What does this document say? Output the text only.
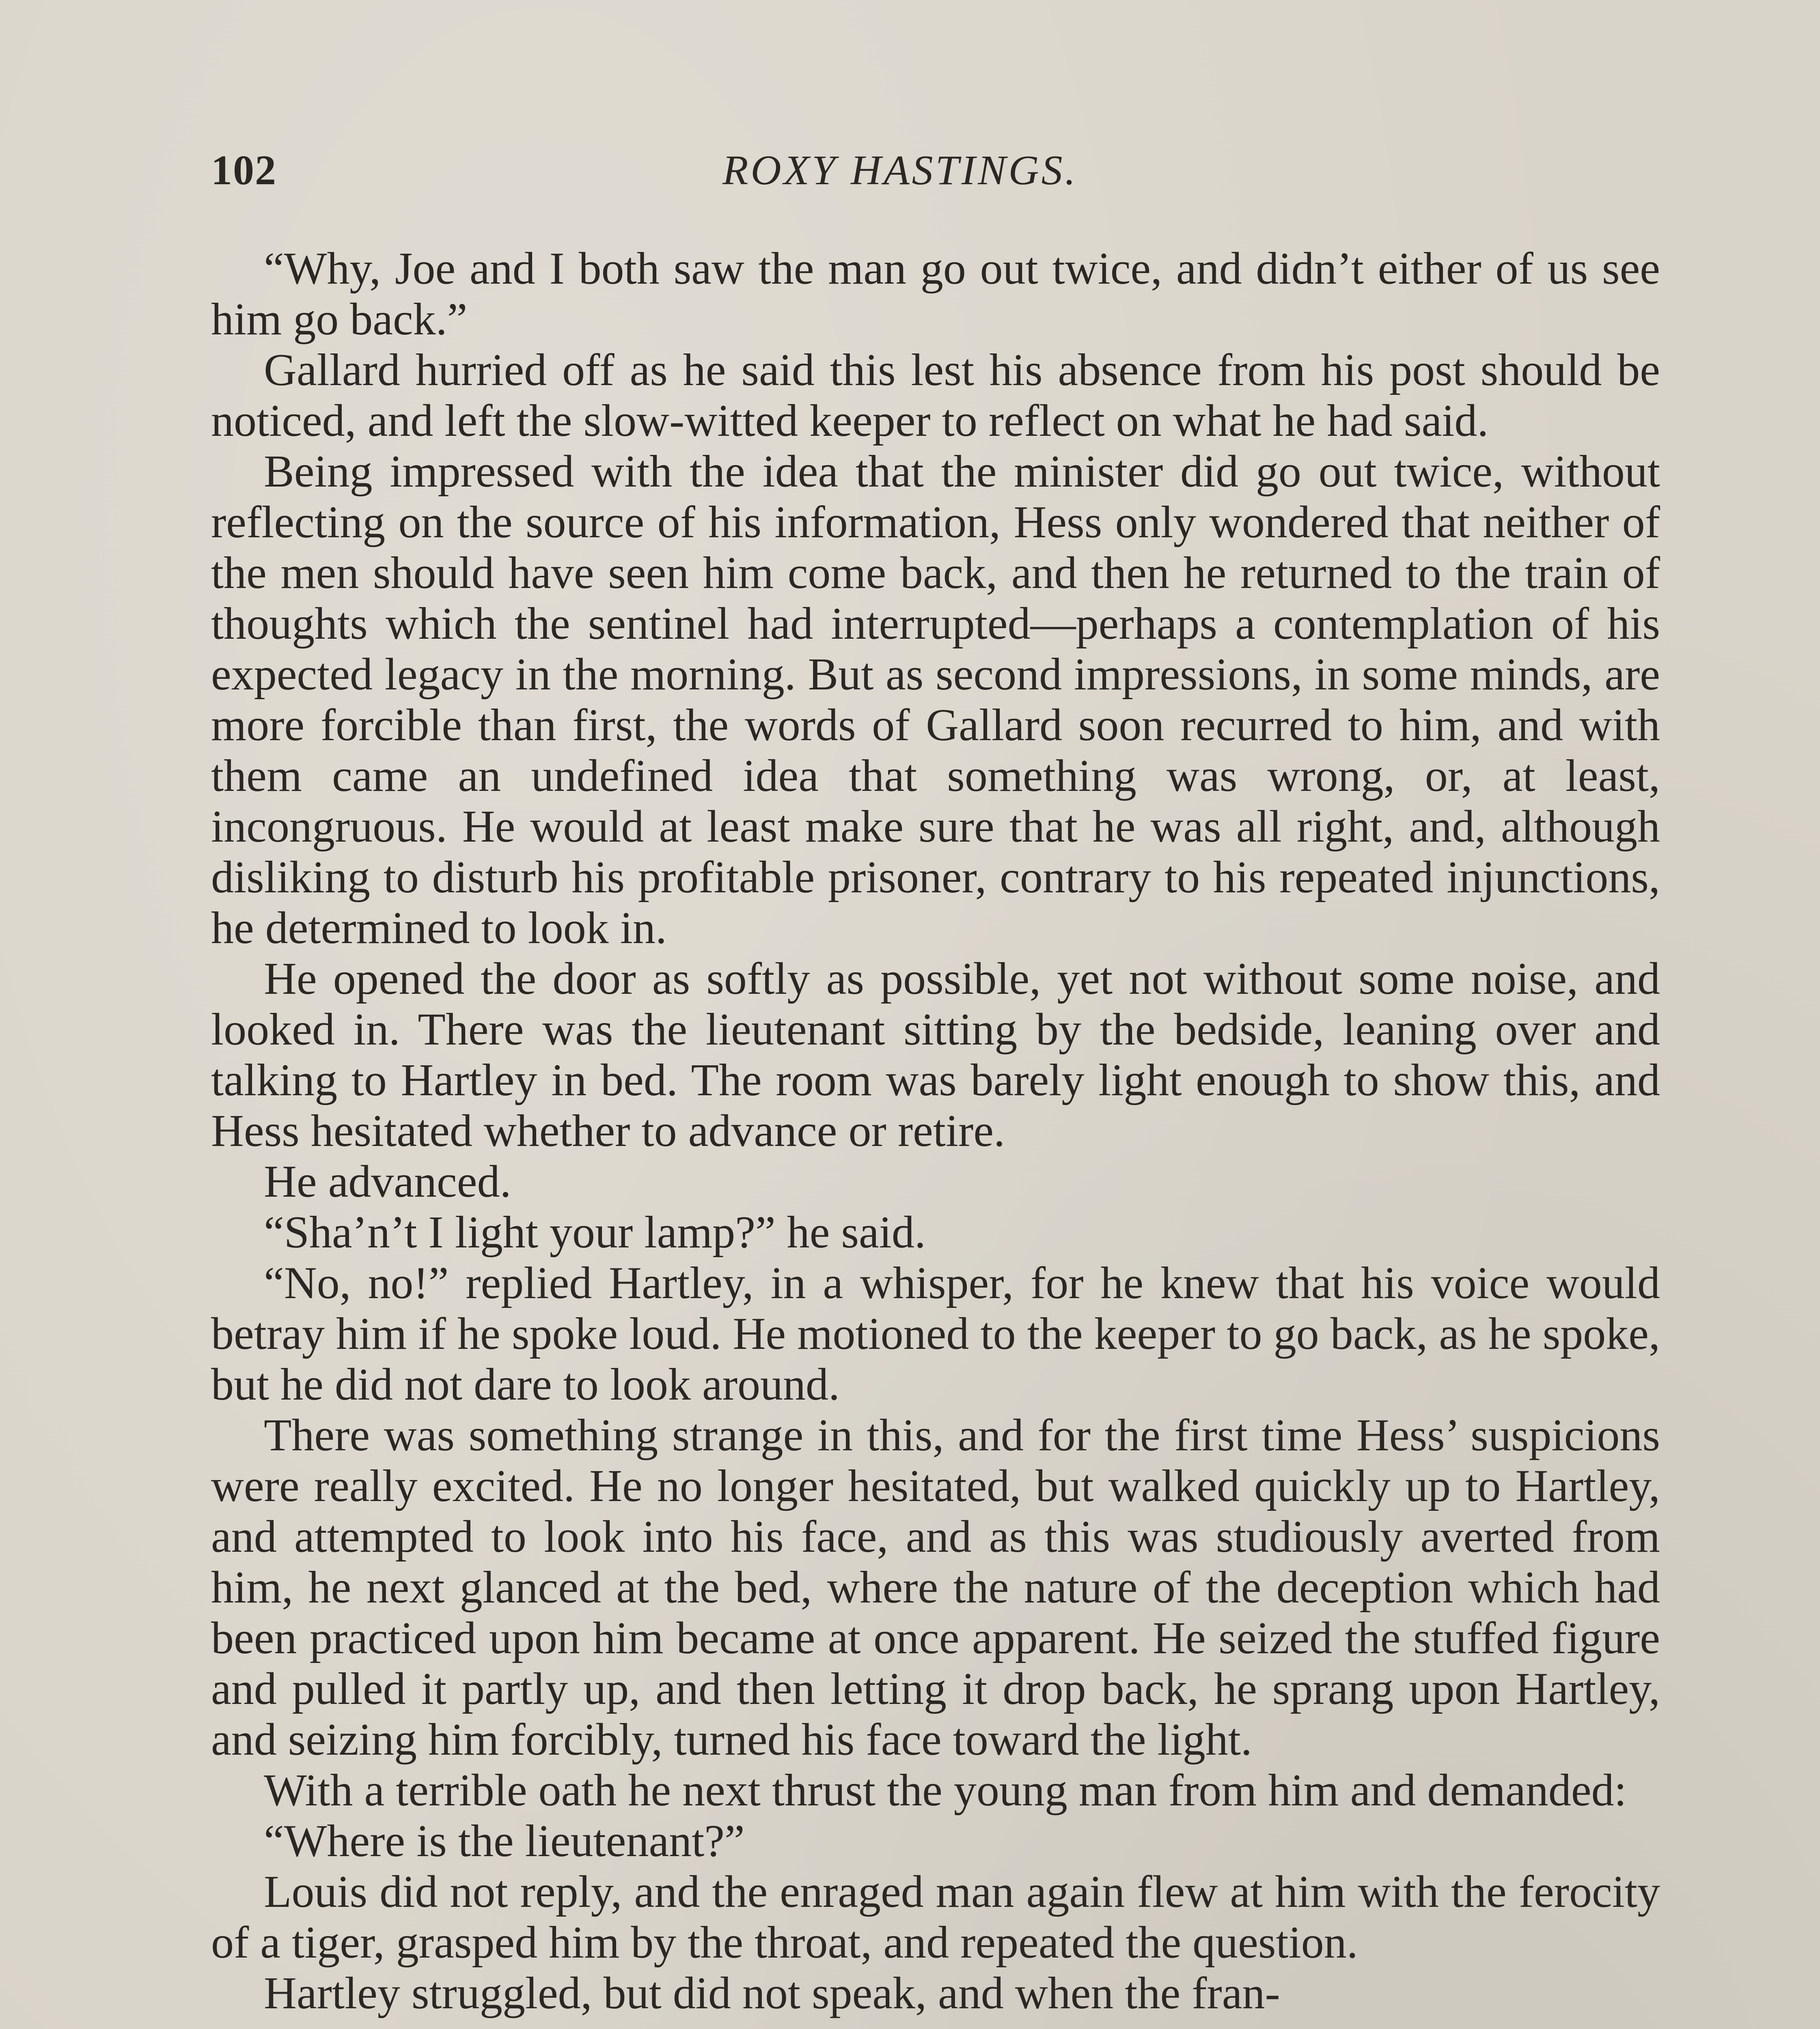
102	ROXY HASTINGS.

“Why, Joe and I both saw the man go out twice, and didn’t either of us see him go back.”

Gallard hurried off as he said this lest his absence from his post should be noticed, and left the slow-witted keeper to reflect on what he had said.

Being impressed with the idea that the minister did go out twice, without reflecting on the source of his information, Hess only wondered that neither of the men should have seen him come back, and then he returned to the train of thoughts which the sentinel had interrupted—perhaps a contemplation of his expected legacy in the morning. But as second impressions, in some minds, are more forcible than first, the words of Gallard soon recurred to him, and with them came an undefined idea that something was wrong, or, at least, incongruous. He would at least make sure that he was all right, and, although disliking to disturb his profitable prisoner, contrary to his repeated injunctions, he determined to look in.

He opened the door as softly as possible, yet not without some noise, and looked in. There was the lieutenant sitting by the bedside, leaning over and talking to Hartley in bed. The room was barely light enough to show this, and Hess hesitated whether to advance or retire.

He advanced.

“Sha’n’t I light your lamp?” he said.

“No, no!” replied Hartley, in a whisper, for he knew that his voice would betray him if he spoke loud. He motioned to the keeper to go back, as he spoke, but he did not dare to look around.

There was something strange in this, and for the first time Hess’ suspicions were really excited. He no longer hesitated, but walked quickly up to Hartley, and attempted to look into his face, and as this was studiously averted from him, he next glanced at the bed, where the nature of the deception which had been practiced upon him became at once apparent. He seized the stuffed figure and pulled it partly up, and then letting it drop back, he sprang upon Hartley, and seizing him forcibly, turned his face toward the light.

With a terrible oath he next thrust the young man from him and demanded:

“Where is the lieutenant?”

Louis did not reply, and the enraged man again flew at him with the ferocity of a tiger, grasped him by the throat, and repeated the question.

Hartley struggled, but did not speak, and when the fran-
